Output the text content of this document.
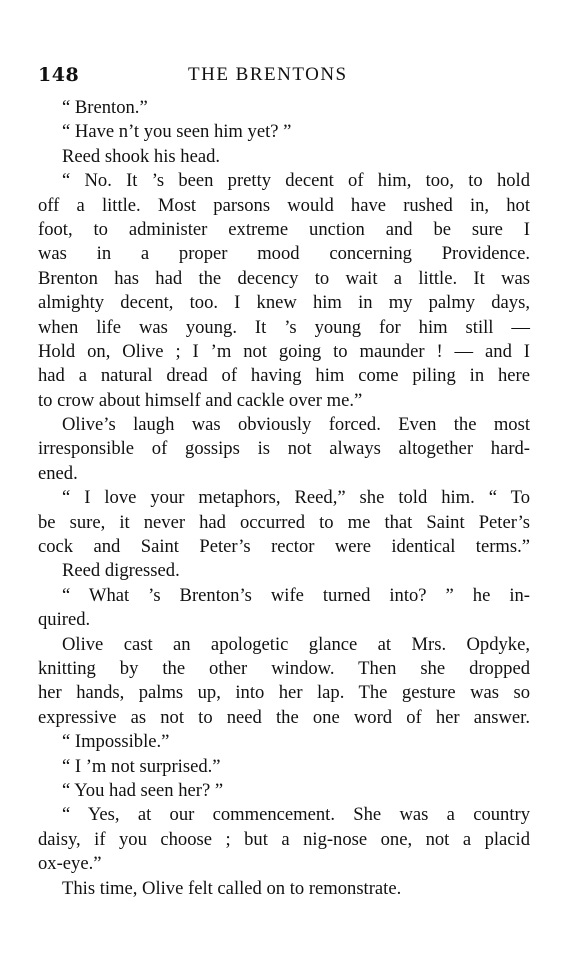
148	THE BRENTONS
“ Brenton.”
“ Have n’t you seen him yet? ”
Reed shook his head.
“ No. It ’s been pretty decent of him, too, to hold
off a little. Most parsons would have rushed in, hot
foot, to administer extreme unction and be sure I
was in a proper mood concerning Providence.
Brenton has had the decency to wait a little. It was
almighty decent, too. I knew him in my palmy days,
when life was young. It ’s young for him still —
Hold on, Olive ; I ’m not going to maunder ! — and I
had a natural dread of having him come piling in here
to crow about himself and cackle over me.”
Olive’s laugh was obviously forced. Even the most
irresponsible of gossips is not always altogether hard-
ened.
“ I love your metaphors, Reed,” she told him. “ To
be sure, it never had occurred to me that Saint Peter’s
cock and Saint Peter’s rector were identical terms.”
Reed digressed.
“ What ’s Brenton’s wife turned into? ” he in-
quired.
Olive cast an apologetic glance at Mrs. Opdyke,
knitting by the other window. Then she dropped
her hands, palms up, into her lap. The gesture was so
expressive as not to need the one word of her answer.
“ Impossible.”
“ I ’m not surprised.”
“ You had seen her? ”
“ Yes, at our commencement. She was a country
daisy, if you choose ; but a nig-nose one, not a placid
ox-eye.”
This time, Olive felt called on to remonstrate.
